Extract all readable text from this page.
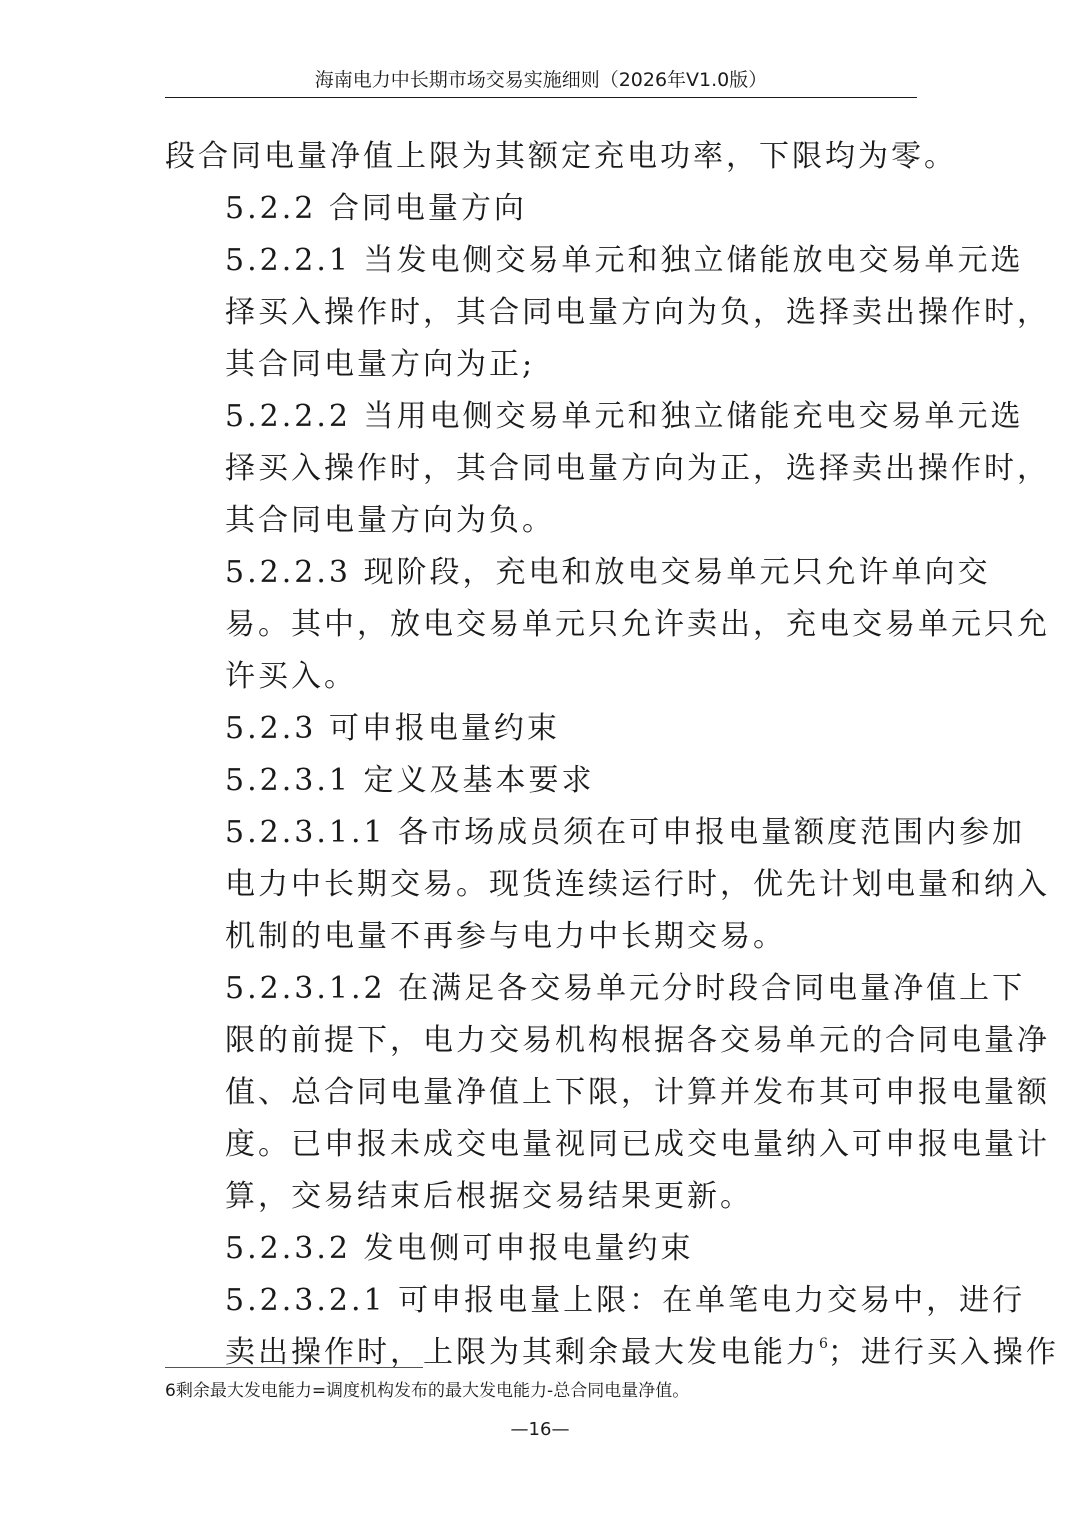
海南电力中长期市场交易实施细则（2026年V1.0版）

段合同电量净值上限为其额定充电功率，下限均为零。

5.2.2 合同电量方向

5.2.2.1 当发电侧交易单元和独立储能放电交易单元选
择买入操作时，其合同电量方向为负，选择卖出操作时，
其合同电量方向为正;

5.2.2.2 当用电侧交易单元和独立储能充电交易单元选
择买入操作时，其合同电量方向为正，选择卖出操作时，
其合同电量方向为负。

5.2.2.3 现阶段，充电和放电交易单元只允许单向交
易。其中，放电交易单元只允许卖出，充电交易单元只允
许买入。

5.2.3 可申报电量约束

5.2.3.1 定义及基本要求

5.2.3.1.1 各市场成员须在可申报电量额度范围内参加
电力中长期交易。现货连续运行时，优先计划电量和纳入
机制的电量不再参与电力中长期交易。

5.2.3.1.2 在满足各交易单元分时段合同电量净值上下
限的前提下，电力交易机构根据各交易单元的合同电量净
值、总合同电量净值上下限，计算并发布其可申报电量额
度。已申报未成交电量视同已成交电量纳入可申报电量计
算，交易结束后根据交易结果更新。

5.2.3.2 发电侧可申报电量约束

5.2.3.2.1 可申报电量上限：在单笔电力交易中，进行
卖出操作时，上限为其剩余最大发电能力$^6$；进行买入操作

6剩余最大发电能力=调度机构发布的最大发电能力-总合同电量净值。
—16—
